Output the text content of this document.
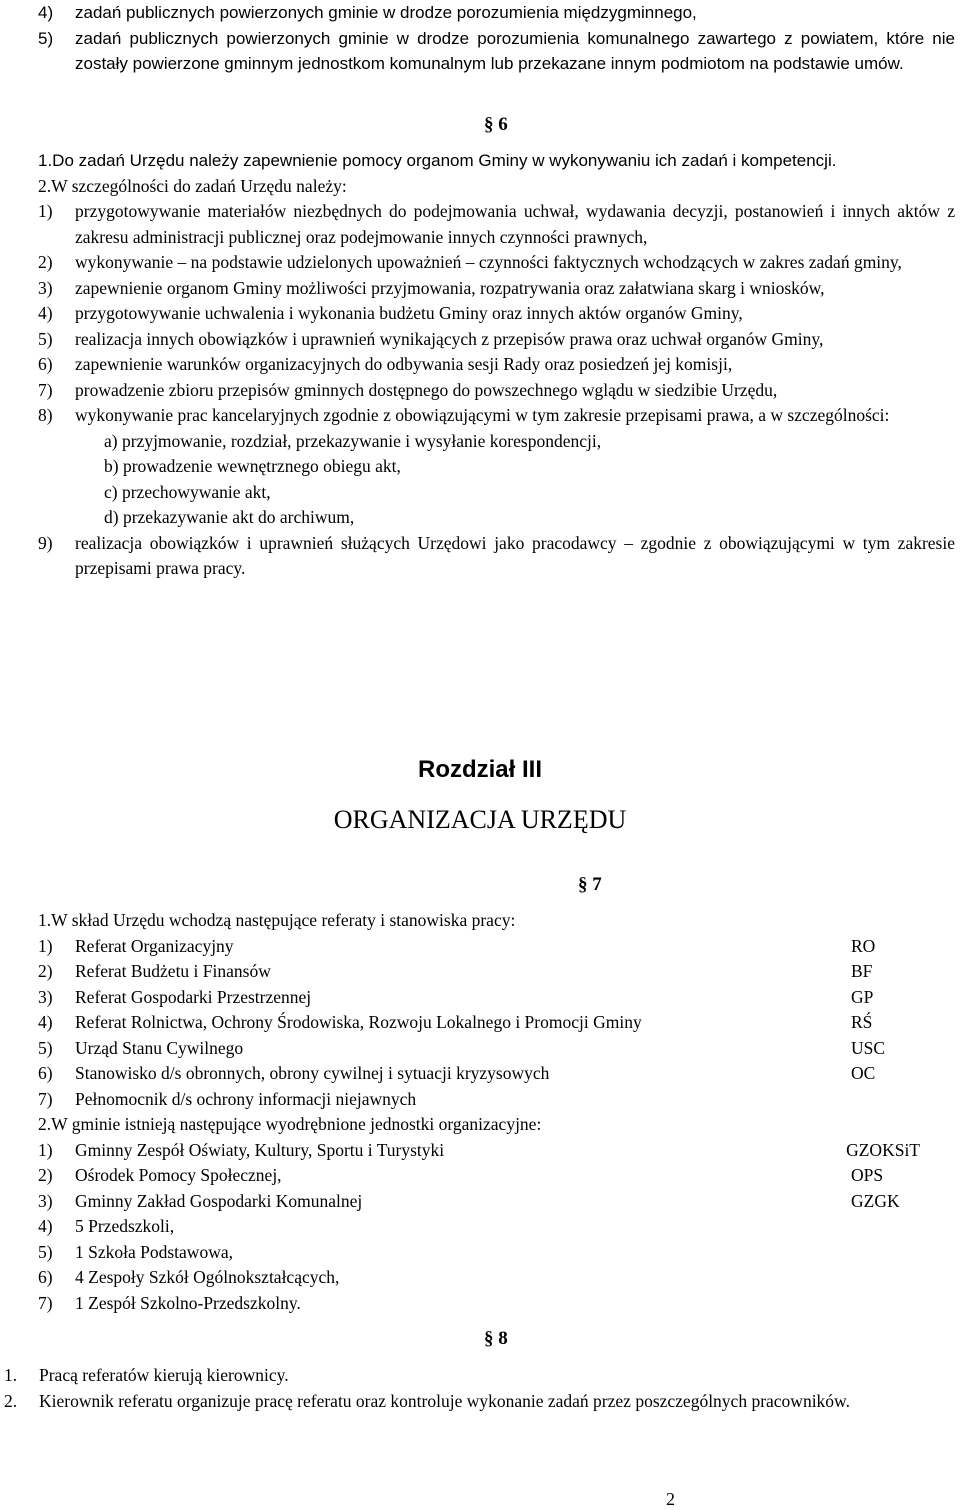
4)	zadań publicznych powierzonych gminie w drodze porozumienia międzygminnego,
5)	zadań publicznych powierzonych gminie w drodze porozumienia komunalnego zawartego z powiatem, które nie zostały powierzone gminnym jednostkom komunalnym lub przekazane innym podmiotom na podstawie umów.
§ 6
1.Do zadań Urzędu należy zapewnienie pomocy organom Gminy w wykonywaniu ich zadań i kompetencji.
2.W szczególności do zadań Urzędu należy:
1)	przygotowywanie materiałów niezbędnych do podejmowania uchwał, wydawania decyzji, postanowień i innych aktów z zakresu administracji publicznej oraz podejmowanie innych czynności prawnych,
2)	wykonywanie – na podstawie udzielonych upoważnień – czynności faktycznych wchodzących w zakres zadań gminy,
3)	zapewnienie organom Gminy możliwości przyjmowania, rozpatrywania oraz załatwiana skarg i wniosków,
4)	przygotowywanie uchwalenia i wykonania budżetu Gminy oraz innych aktów organów Gminy,
5)	realizacja innych obowiązków i uprawnień wynikających z przepisów prawa oraz uchwał organów Gminy,
6)	zapewnienie warunków organizacyjnych do odbywania sesji Rady oraz posiedzeń jej komisji,
7)	prowadzenie zbioru przepisów gminnych dostępnego do powszechnego wglądu w siedzibie Urzędu,
8)	wykonywanie prac kancelaryjnych zgodnie z obowiązującymi w tym zakresie przepisami prawa, a w szczególności:
a) przyjmowanie, rozdział, przekazywanie i wysyłanie korespondencji,
b) prowadzenie wewnętrznego obiegu akt,
c) przechowywanie akt,
d) przekazywanie akt do archiwum,
9)	realizacja obowiązków i uprawnień służących Urzędowi jako pracodawcy – zgodnie z obowiązującymi w tym zakresie przepisami prawa pracy.
Rozdział III
ORGANIZACJA URZĘDU
§ 7
1.W skład Urzędu wchodzą następujące referaty i stanowiska pracy:
1)	Referat Organizacyjny	RO
2)	Referat Budżetu i Finansów	BF
3)	Referat Gospodarki Przestrzennej	GP
4)	Referat Rolnictwa, Ochrony Środowiska, Rozwoju Lokalnego i Promocji Gminy	RŚ
5)	Urząd Stanu Cywilnego	USC
6)	Stanowisko d/s obronnych, obrony cywilnej i sytuacji kryzysowych	OC
7)	Pełnomocnik d/s ochrony informacji niejawnych
2.W gminie istnieją następujące wyodrębnione jednostki organizacyjne:
1)	Gminny Zespół Oświaty, Kultury, Sportu i Turystyki	GZOKSiT
2)	Ośrodek Pomocy Społecznej,	OPS
3)	Gminny Zakład Gospodarki Komunalnej	GZGK
4)	5 Przedszkoli,
5)	1 Szkoła Podstawowa,
6)	4 Zespoły Szkół Ogólnokształcących,
7)	1 Zespół Szkolno-Przedszkolny.
§ 8
1.	Pracą referatów kierują kierownicy.
2.	Kierownik referatu organizuje pracę referatu oraz kontroluje wykonanie zadań przez poszczególnych pracowników.
2
